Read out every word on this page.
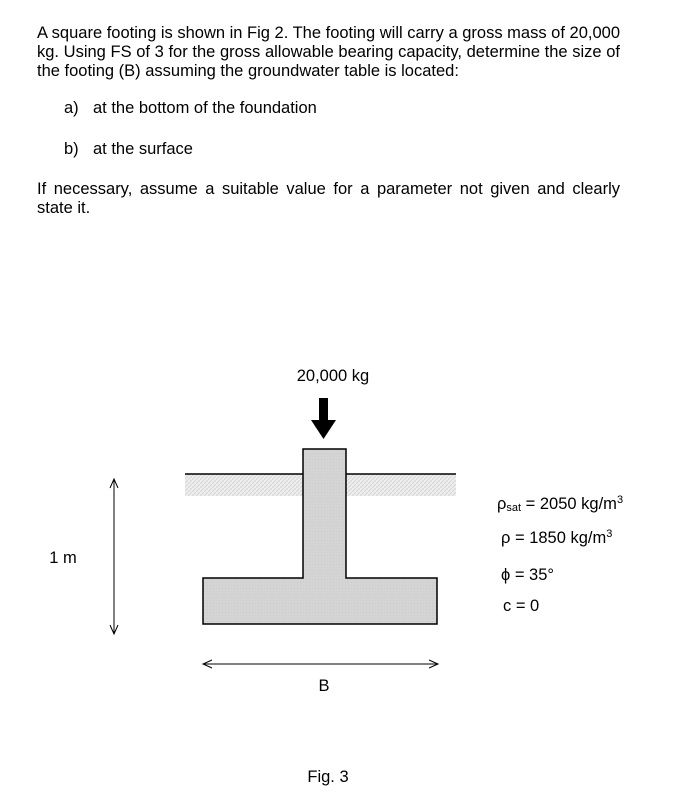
A square footing is shown in Fig 2. The footing will carry a gross mass of 20,000 kg. Using FS of 3 for the gross allowable bearing capacity, determine the size of the footing (B) assuming the groundwater table is located:

a) at the bottom of the foundation
b) at the surface

If necessary, assume a suitable value for a parameter not given and clearly state it.

20,000 kg
1 m
B
ρsat = 2050 $kg/m^3$
ρ = 1850 $kg/m^3$
ϕ = 35°
c = 0
Fig. 3
